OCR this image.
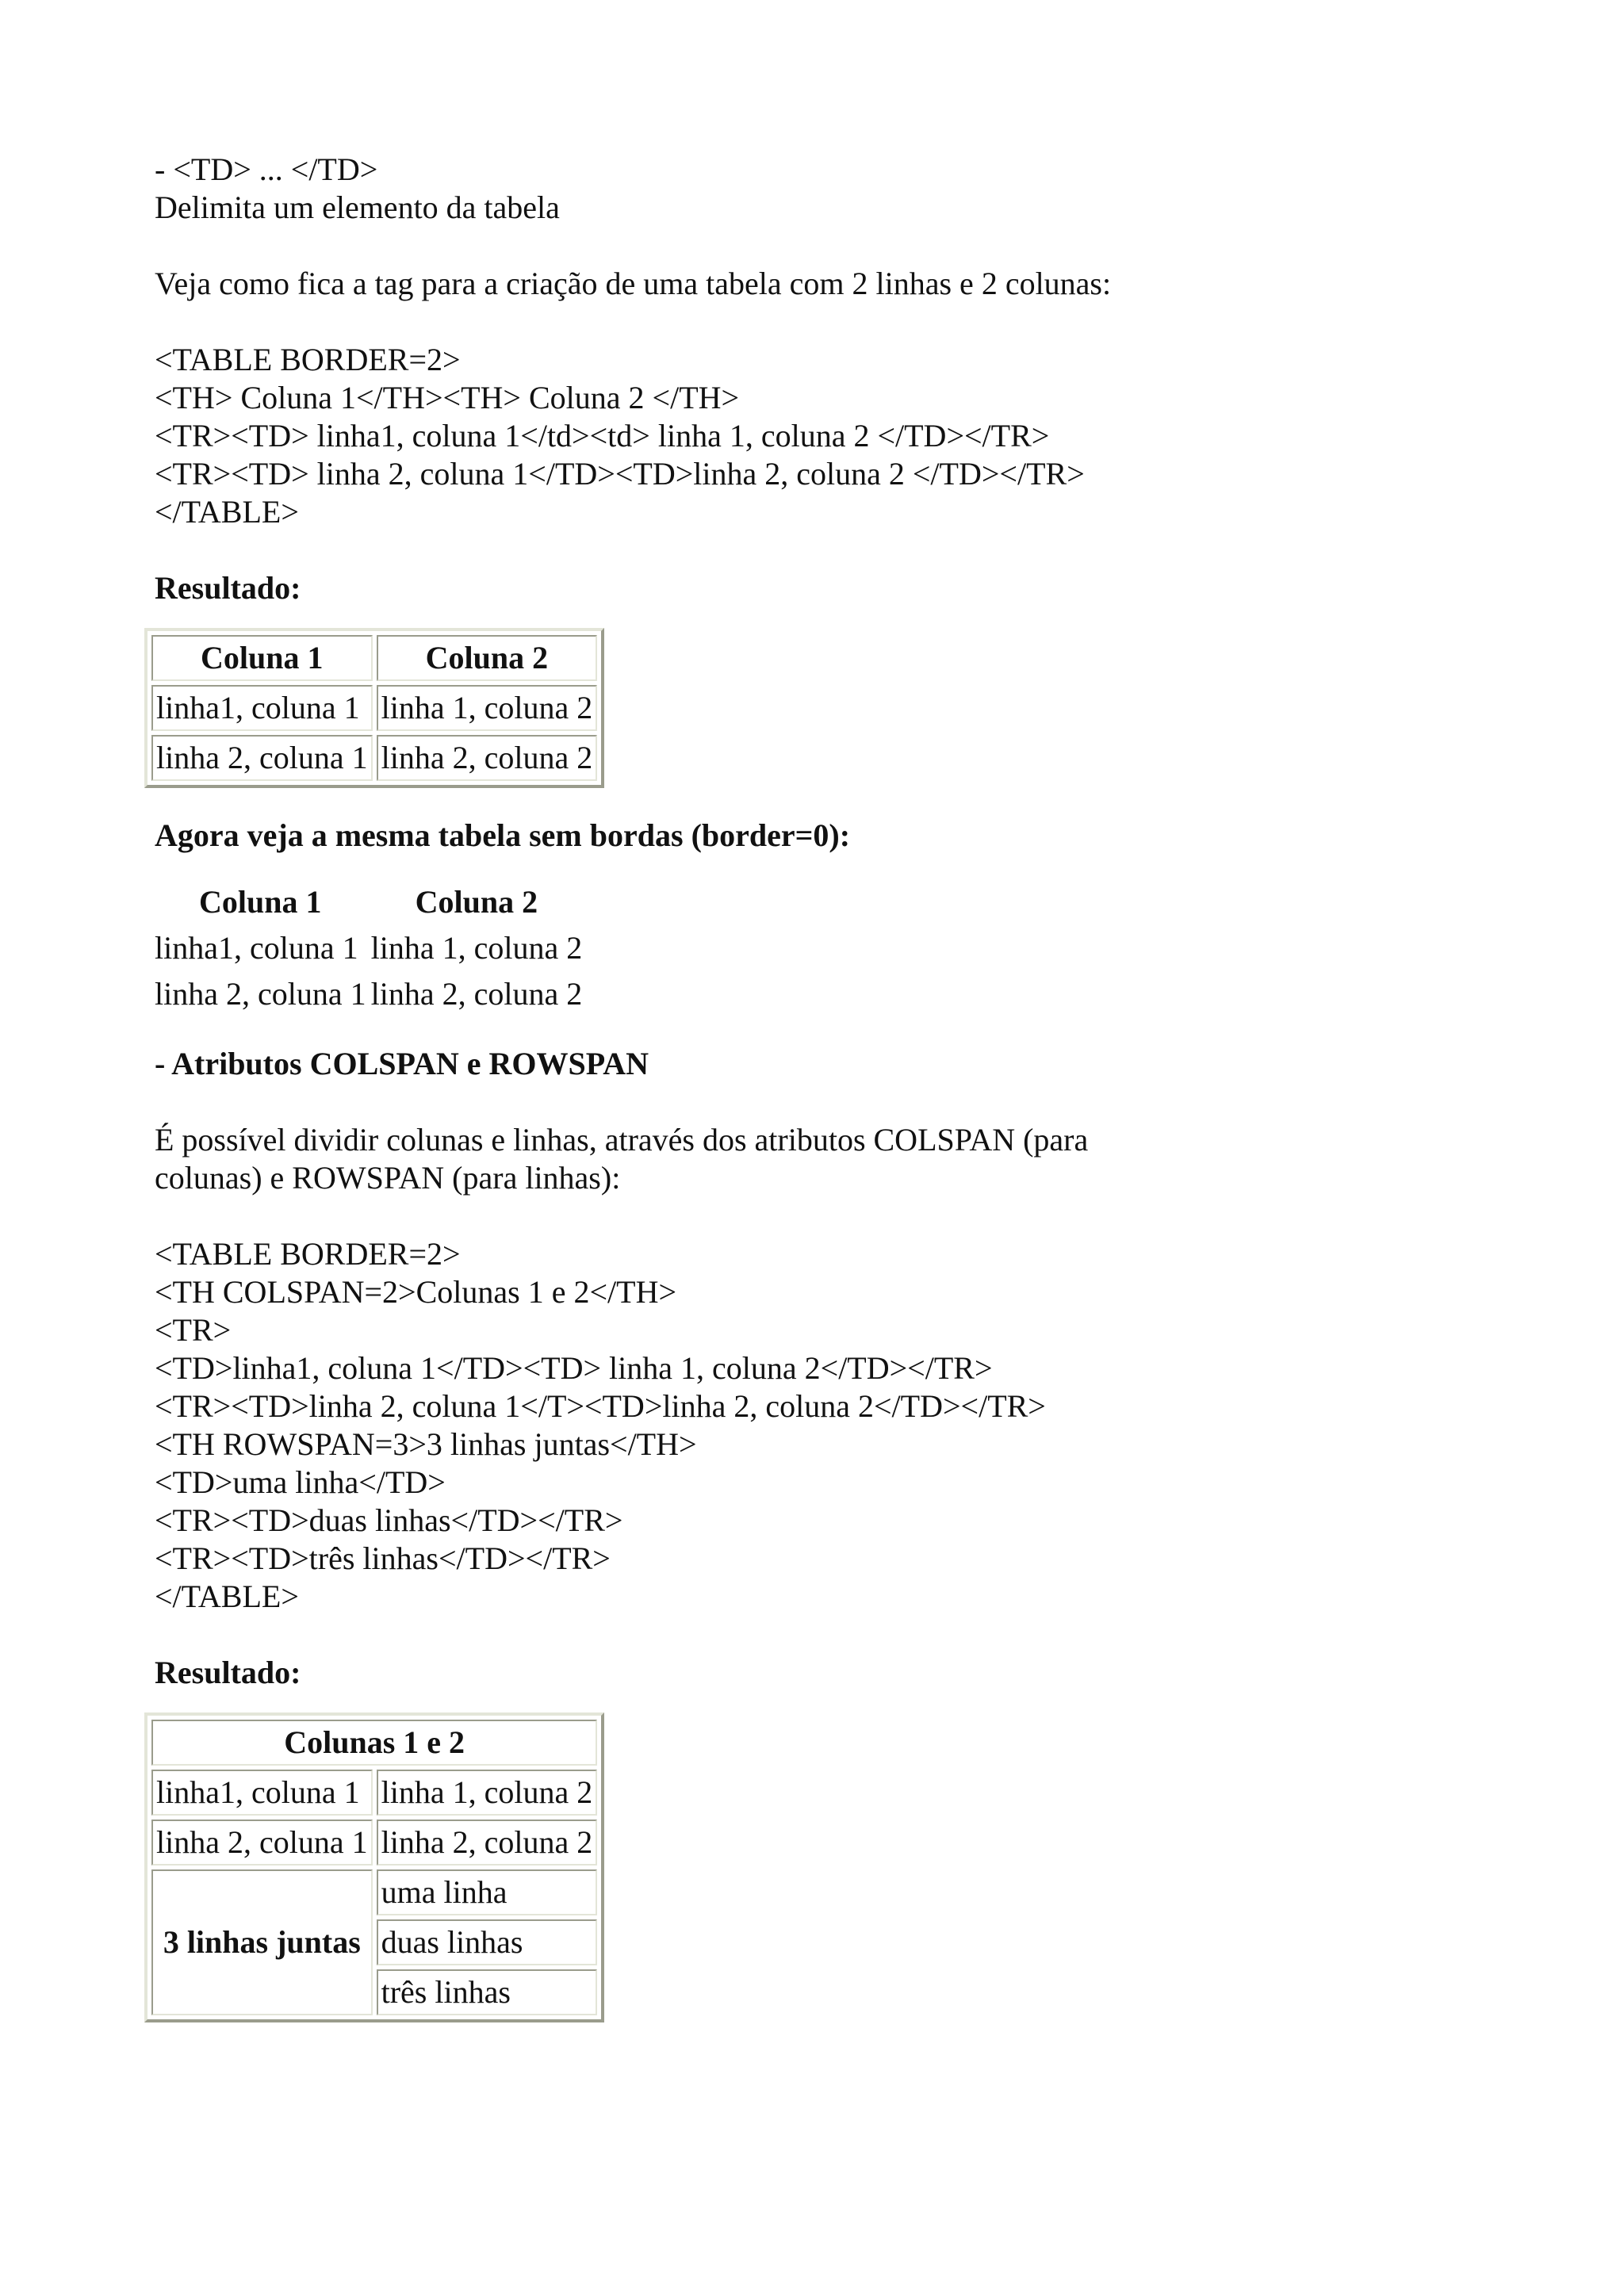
- <TD> ... </TD>
Delimita um elemento da tabela
Veja como fica a tag para a criação de uma tabela com 2 linhas e 2 colunas:
<TABLE BORDER=2>
<TH> Coluna 1</TH><TH> Coluna 2 </TH>
<TR><TD> linha1, coluna 1</td><td> linha 1, coluna 2 </TD></TR>
<TR><TD> linha 2, coluna 1</TD><TD>linha 2, coluna 2 </TD></TR>
</TABLE>
Resultado:
Coluna 1	Coluna 2
linha1, coluna 1	linha 1, coluna 2
linha 2, coluna 1	linha 2, coluna 2
Agora veja a mesma tabela sem bordas (border=0):
Coluna 1	Coluna 2
linha1, coluna 1	linha 1, coluna 2
linha 2, coluna 1	linha 2, coluna 2
- Atributos COLSPAN e ROWSPAN
É possível dividir colunas e linhas, através dos atributos COLSPAN (para
colunas) e ROWSPAN (para linhas):
<TABLE BORDER=2>
<TH COLSPAN=2>Colunas 1 e 2</TH>
<TR>
<TD>linha1, coluna 1</TD><TD> linha 1, coluna 2</TD></TR>
<TR><TD>linha 2, coluna 1</T><TD>linha 2, coluna 2</TD></TR>
<TH ROWSPAN=3>3 linhas juntas</TH>
<TD>uma linha</TD>
<TR><TD>duas linhas</TD></TR>
<TR><TD>três linhas</TD></TR>
</TABLE>
Resultado:
Colunas 1 e 2	
linha1, coluna 1	linha 1, coluna 2
linha 2, coluna 1	linha 2, coluna 2
3 linhas juntas	uma linha
	duas linhas
	três linhas
